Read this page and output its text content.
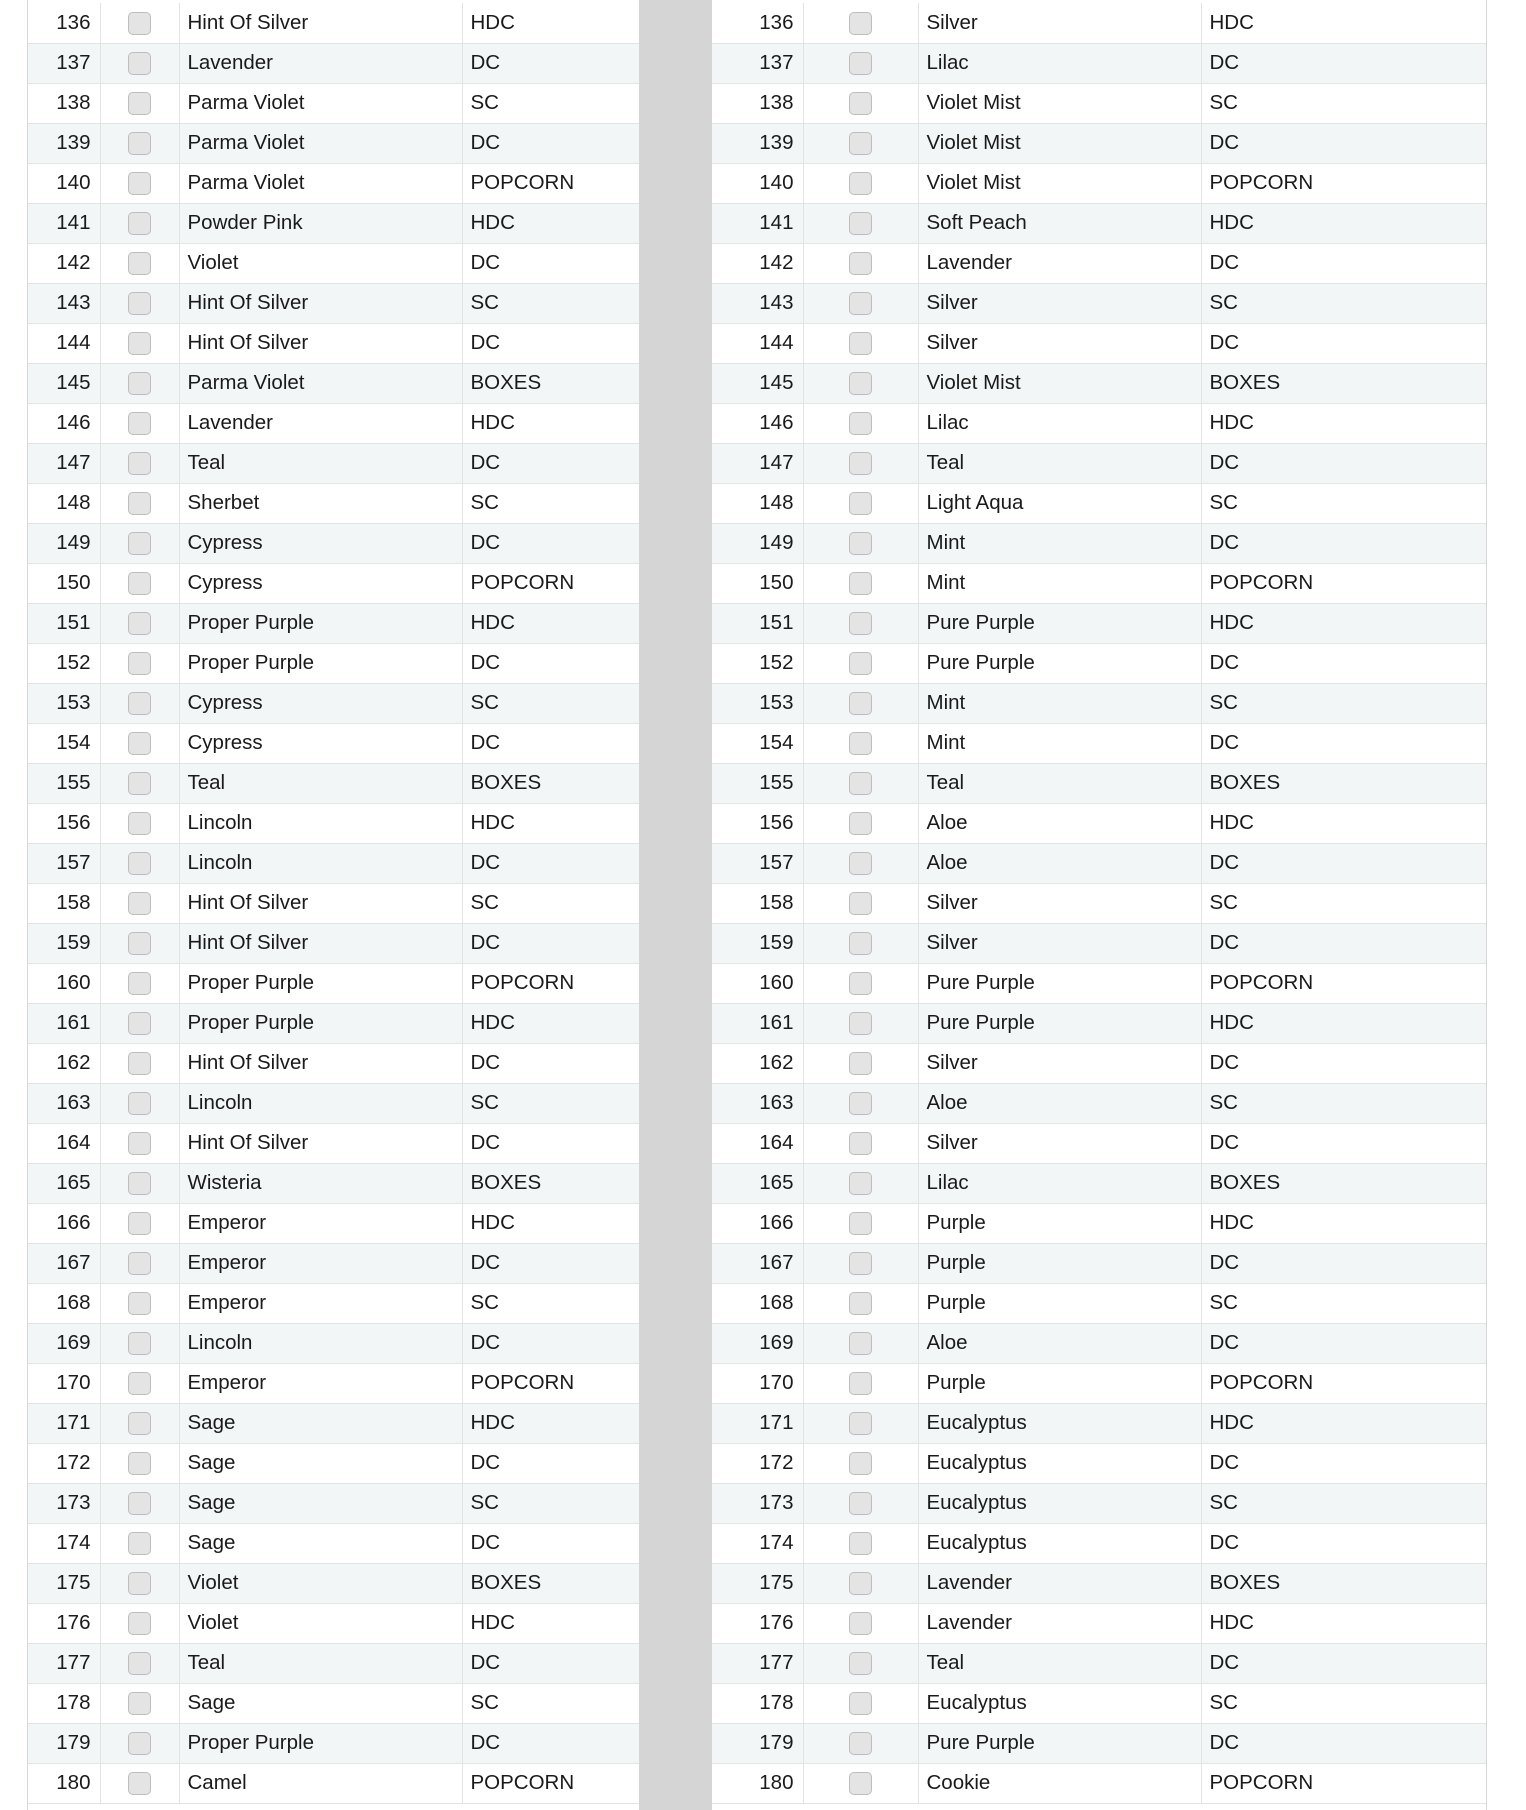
136		Hint Of Silver	HDC
137		Lavender	DC
138		Parma Violet	SC
139		Parma Violet	DC
140		Parma Violet	POPCORN
141		Powder Pink	HDC
142		Violet	DC
143		Hint Of Silver	SC
144		Hint Of Silver	DC
145		Parma Violet	BOXES
146		Lavender	HDC
147		Teal	DC
148		Sherbet	SC
149		Cypress	DC
150		Cypress	POPCORN
151		Proper Purple	HDC
152		Proper Purple	DC
153		Cypress	SC
154		Cypress	DC
155		Teal	BOXES
156		Lincoln	HDC
157		Lincoln	DC
158		Hint Of Silver	SC
159		Hint Of Silver	DC
160		Proper Purple	POPCORN
161		Proper Purple	HDC
162		Hint Of Silver	DC
163		Lincoln	SC
164		Hint Of Silver	DC
165		Wisteria	BOXES
166		Emperor	HDC
167		Emperor	DC
168		Emperor	SC
169		Lincoln	DC
170		Emperor	POPCORN
171		Sage	HDC
172		Sage	DC
173		Sage	SC
174		Sage	DC
175		Violet	BOXES
176		Violet	HDC
177		Teal	DC
178		Sage	SC
179		Proper Purple	DC
180		Camel	POPCORN
136		Silver	HDC
137		Lilac	DC
138		Violet Mist	SC
139		Violet Mist	DC
140		Violet Mist	POPCORN
141		Soft Peach	HDC
142		Lavender	DC
143		Silver	SC
144		Silver	DC
145		Violet Mist	BOXES
146		Lilac	HDC
147		Teal	DC
148		Light Aqua	SC
149		Mint	DC
150		Mint	POPCORN
151		Pure Purple	HDC
152		Pure Purple	DC
153		Mint	SC
154		Mint	DC
155		Teal	BOXES
156		Aloe	HDC
157		Aloe	DC
158		Silver	SC
159		Silver	DC
160		Pure Purple	POPCORN
161		Pure Purple	HDC
162		Silver	DC
163		Aloe	SC
164		Silver	DC
165		Lilac	BOXES
166		Purple	HDC
167		Purple	DC
168		Purple	SC
169		Aloe	DC
170		Purple	POPCORN
171		Eucalyptus	HDC
172		Eucalyptus	DC
173		Eucalyptus	SC
174		Eucalyptus	DC
175		Lavender	BOXES
176		Lavender	HDC
177		Teal	DC
178		Eucalyptus	SC
179		Pure Purple	DC
180		Cookie	POPCORN
